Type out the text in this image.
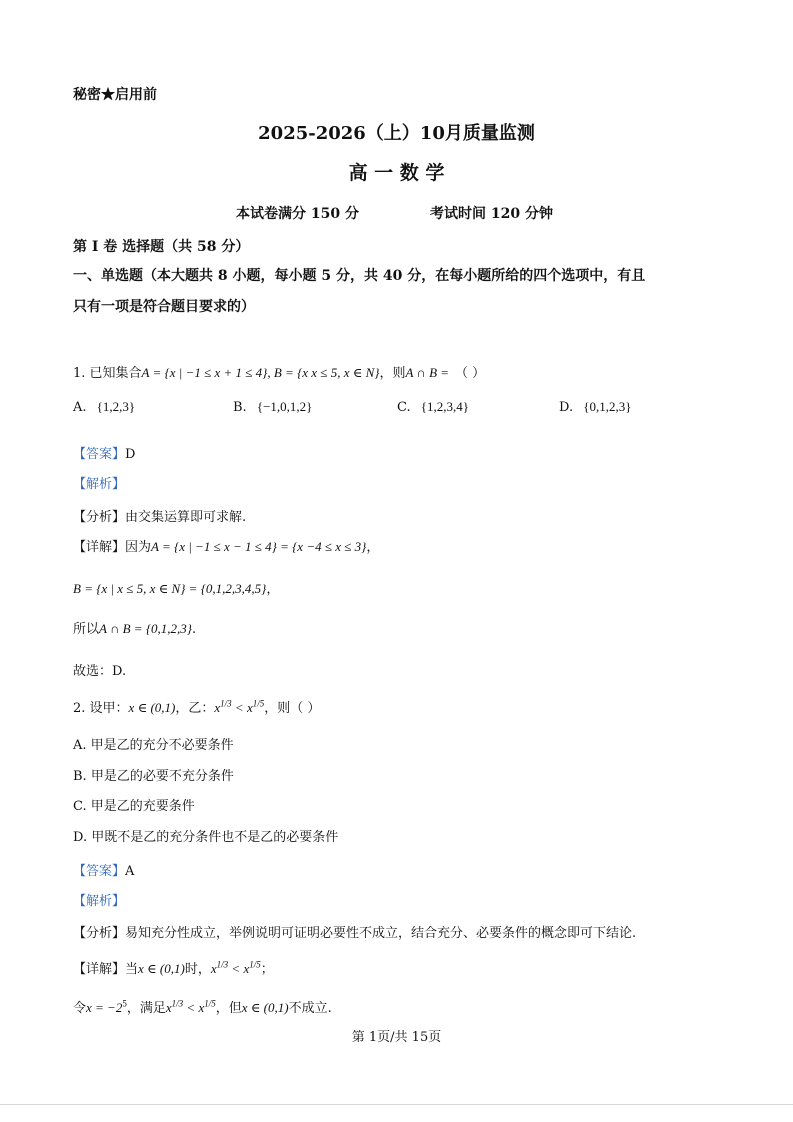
秘密★启用前
2025-2026（上）10月质量监测
高 一 数 学
本试卷满分 150 分	考试时间 120 分钟
第 I 卷 选择题（共 58 分）
一、单选题（本大题共 8 小题，每小题 5 分，共 40 分，在每小题所给的四个选项中，有且
只有一项是符合题目要求的）
1. 已知集合A = {x | −1 ≤ x + 1 ≤ 4}, B = {x x ≤ 5, x ∈ N}，则A ∩ B = （ ）
A. {1,2,3}	B. {−1,0,1,2}	C. {1,2,3,4}	D. {0,1,2,3}
【答案】D
【解析】
【分析】由交集运算即可求解.
【详解】因为A = {x | −1 ≤ x − 1 ≤ 4} = {x −4 ≤ x ≤ 3}，
B = {x | x ≤ 5, x ∈ N} = {0,1,2,3,4,5}，
所以A ∩ B = {0,1,2,3}.
故选：D.
2. 设甲：x ∈ (0,1)，乙：$x^{1/3} < x^{1/5}$，则（ ）
A. 甲是乙的充分不必要条件
B. 甲是乙的必要不充分条件
C. 甲是乙的充要条件
D. 甲既不是乙的充分条件也不是乙的必要条件
【答案】A
【解析】
【分析】易知充分性成立，举例说明可证明必要性不成立，结合充分、必要条件的概念即可下结论.
【详解】当x ∈ (0,1)时，$x^{1/3} < x^{1/5}$；
令$x = -2^5$，满足$x^{1/3} < x^{1/5}$，但x ∈ (0,1)不成立.
第 1页/共 15页
